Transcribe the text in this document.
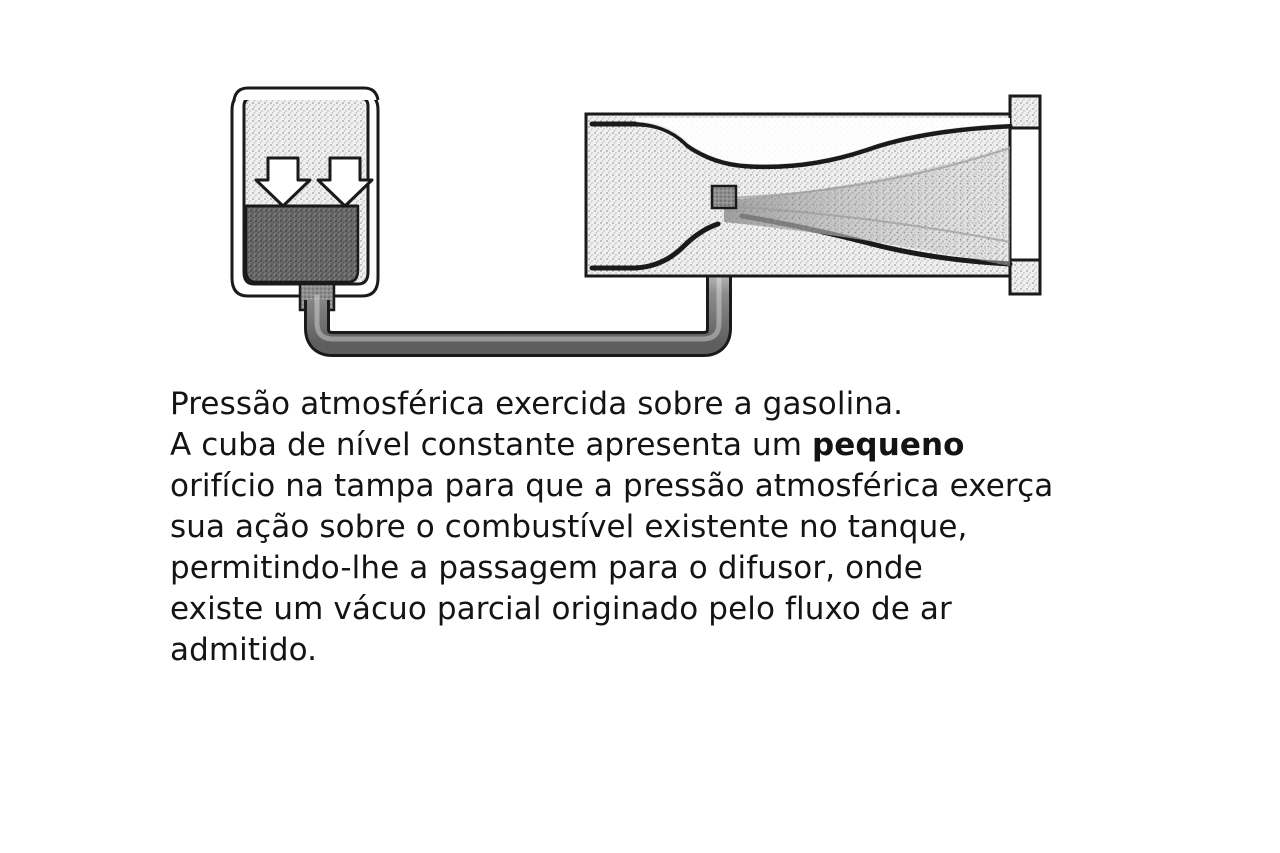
Pressão atmosférica exercida sobre a gasolina.
A cuba de nível constante apresenta um pequeno
orifício na tampa para que a pressão atmosférica exerça
sua ação sobre o combustível existente no tanque,
permitindo-lhe a passagem para o difusor, onde
existe um vácuo parcial originado pelo fluxo de ar
admitido.
